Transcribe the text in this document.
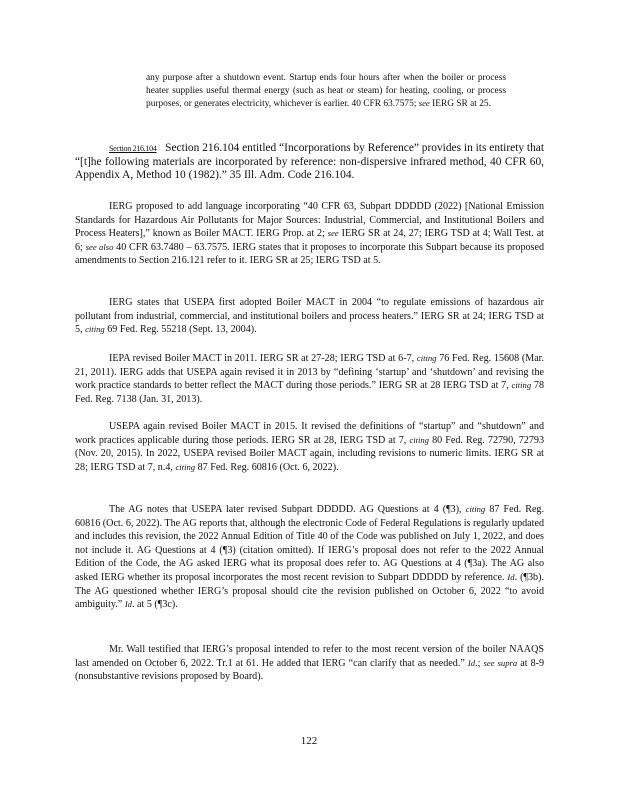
any purpose after a shutdown event. Startup ends four hours after when the boiler or process heater supplies useful thermal energy (such as heat or steam) for heating, cooling, or process purposes, or generates electricity, whichever is earlier. 40 CFR 63.7575; see IERG SR at 25.

Section 216.104 Section 216.104 entitled “Incorporations by Reference” provides in its entirety that “[t]he following materials are incorporated by reference: non-dispersive infrared method, 40 CFR 60, Appendix A, Method 10 (1982).” 35 Ill. Adm. Code 216.104.

IERG proposed to add language incorporating “40 CFR 63, Subpart DDDDD (2022) [National Emission Standards for Hazardous Air Pollutants for Major Sources: Industrial, Commercial, and Institutional Boilers and Process Heaters],” known as Boiler MACT. IERG Prop. at 2; see IERG SR at 24, 27; IERG TSD at 4; Wall Test. at 6; see also 40 CFR 63.7480 – 63.7575. IERG states that it proposes to incorporate this Subpart because its proposed amendments to Section 216.121 refer to it. IERG SR at 25; IERG TSD at 5.

IERG states that USEPA first adopted Boiler MACT in 2004 “to regulate emissions of hazardous air pollutant from industrial, commercial, and institutional boilers and process heaters.” IERG SR at 24; IERG TSD at 5, citing 69 Fed. Reg. 55218 (Sept. 13, 2004).

IEPA revised Boiler MACT in 2011. IERG SR at 27-28; IERG TSD at 6-7, citing 76 Fed. Reg. 15608 (Mar. 21, 2011). IERG adds that USEPA again revised it in 2013 by “defining ‘startup’ and ‘shutdown’ and revising the work practice standards to better reflect the MACT during those periods.” IERG SR at 28 IERG TSD at 7, citing 78 Fed. Reg. 7138 (Jan. 31, 2013).

USEPA again revised Boiler MACT in 2015. It revised the definitions of “startup” and “shutdown” and work practices applicable during those periods. IERG SR at 28, IERG TSD at 7, citing 80 Fed. Reg. 72790, 72793 (Nov. 20, 2015). In 2022, USEPA revised Boiler MACT again, including revisions to numeric limits. IERG SR at 28; IERG TSD at 7, n.4, citing 87 Fed. Reg. 60816 (Oct. 6, 2022).

The AG notes that USEPA later revised Subpart DDDDD. AG Questions at 4 (¶3), citing 87 Fed. Reg. 60816 (Oct. 6, 2022). The AG reports that, although the electronic Code of Federal Regulations is regularly updated and includes this revision, the 2022 Annual Edition of Title 40 of the Code was published on July 1, 2022, and does not include it. AG Questions at 4 (¶3) (citation omitted). If IERG’s proposal does not refer to the 2022 Annual Edition of the Code, the AG asked IERG what its proposal does refer to. AG Questions at 4 (¶3a). The AG also asked IERG whether its proposal incorporates the most recent revision to Subpart DDDDD by reference. Id. (¶3b). The AG questioned whether IERG’s proposal should cite the revision published on October 6, 2022 “to avoid ambiguity.” Id. at 5 (¶3c).

Mr. Wall testified that IERG’s proposal intended to refer to the most recent version of the boiler NAAQS last amended on October 6, 2022. Tr.1 at 61. He added that IERG “can clarify that as needed.” Id.; see supra at 8-9 (nonsubstantive revisions proposed by Board).

122
